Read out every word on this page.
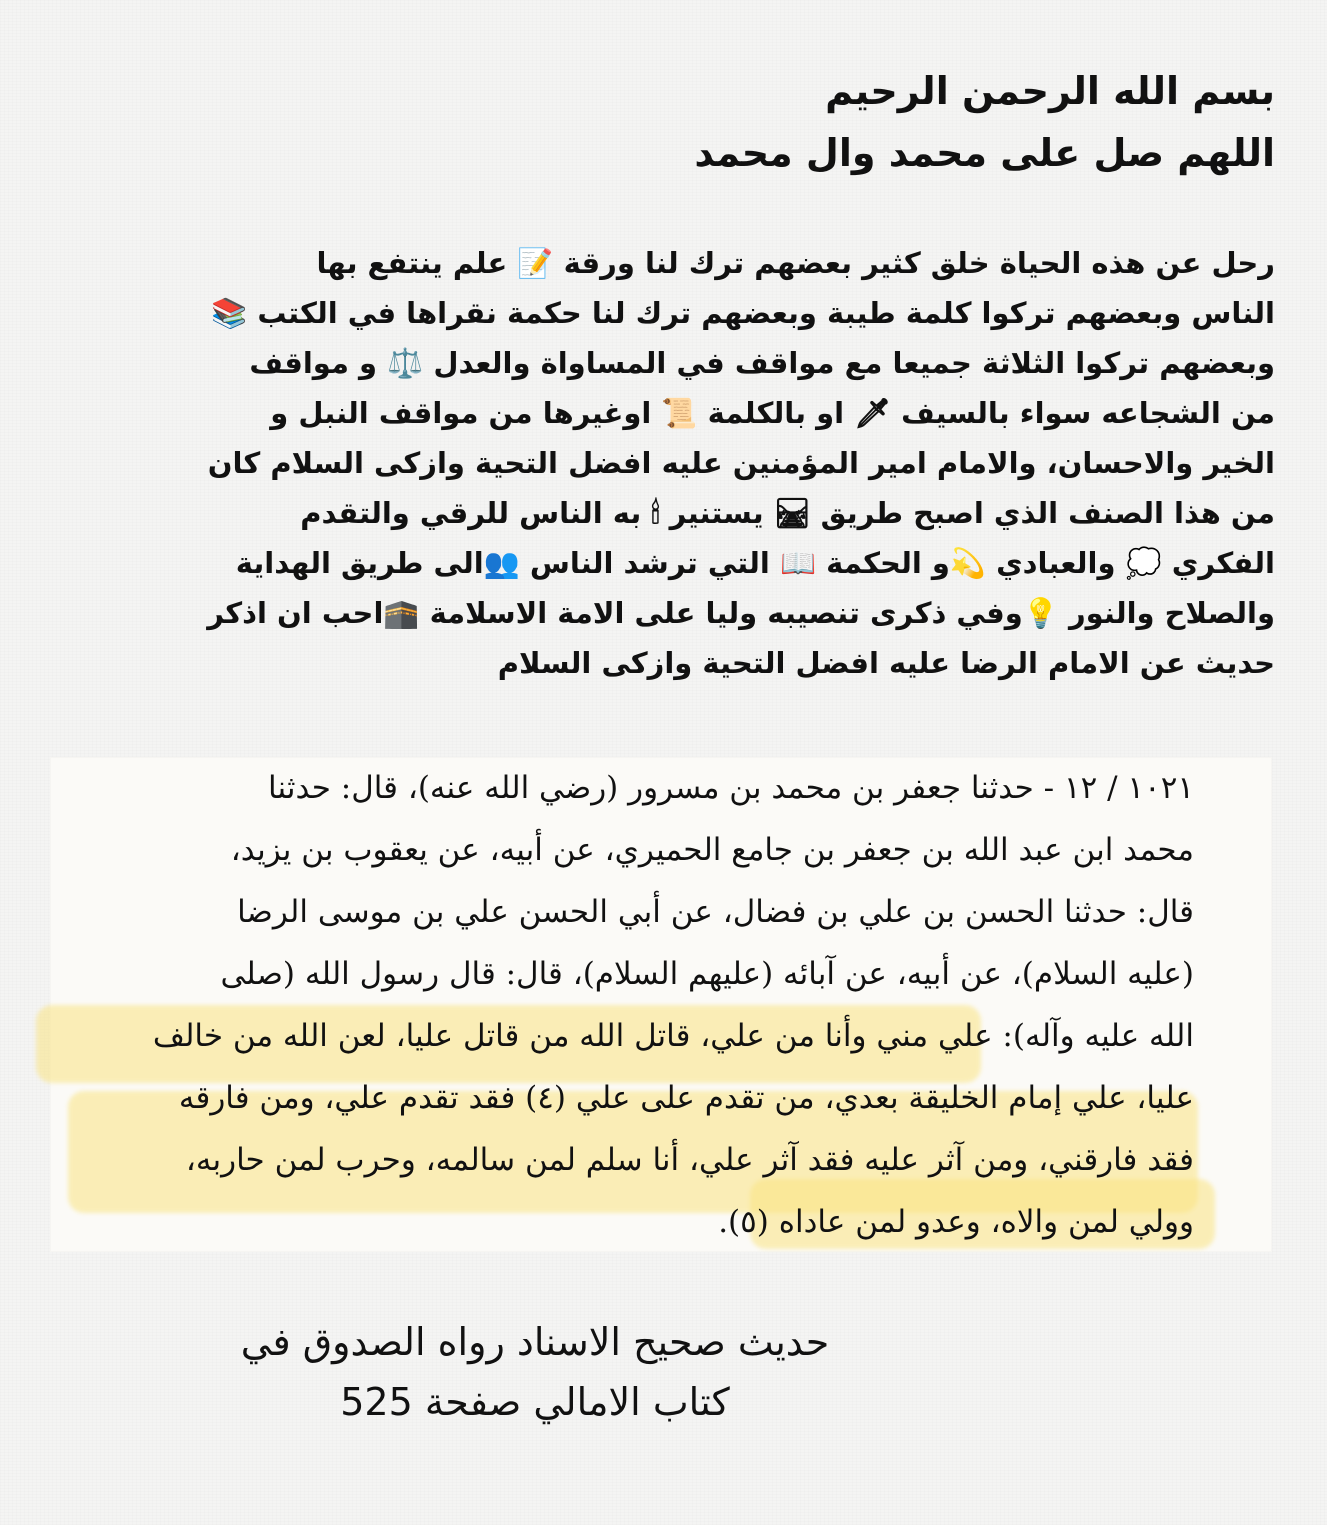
بسم الله الرحمن الرحيم
اللهم صل على محمد وال محمد
رحل عن هذه الحياة خلق كثير بعضهم ترك لنا ورقة 📝 علم ينتفع بها
الناس وبعضهم تركوا كلمة طيبة وبعضهم ترك لنا حكمة نقراها في الكتب 📚
وبعضهم تركوا الثلاثة جميعا مع مواقف في المساواة والعدل ⚖️ و مواقف
من الشجاعه سواء بالسيف 🗡 او بالكلمة 📜 اوغيرها من مواقف النبل و
الخير والاحسان، والامام امير المؤمنين عليه افضل التحية وازكى السلام كان
من هذا الصنف الذي اصبح طريق 🛤 يستنير 🕯 به الناس للرقي والتقدم
الفكري 💭 والعبادي 💫و الحكمة 📖 التي ترشد الناس 👥الى طريق الهداية
والصلاح والنور 💡وفي ذكرى تنصيبه وليا على الامة الاسلامة 🕋احب ان اذكر
حديث عن الامام الرضا عليه افضل التحية وازكى السلام
١٠٢١ / ١٢ - حدثنا جعفر بن محمد بن مسرور (رضي الله عنه)، قال: حدثنا
محمد ابن عبد الله بن جعفر بن جامع الحميري، عن أبيه، عن يعقوب بن يزيد،
قال: حدثنا الحسن بن علي بن فضال، عن أبي الحسن علي بن موسى الرضا
(عليه السلام)، عن أبيه، عن آبائه (عليهم السلام)، قال: قال رسول الله (صلى
الله عليه وآله): علي مني وأنا من علي، قاتل الله من قاتل عليا، لعن الله من خالف
عليا، علي إمام الخليقة بعدي، من تقدم على علي (٤) فقد تقدم علي، ومن فارقه
فقد فارقني، ومن آثر عليه فقد آثر علي، أنا سلم لمن سالمه، وحرب لمن حاربه،
وولي لمن والاه، وعدو لمن عاداه (٥).
حديث صحيح الاسناد رواه الصدوق في
كتاب الامالي صفحة 525
